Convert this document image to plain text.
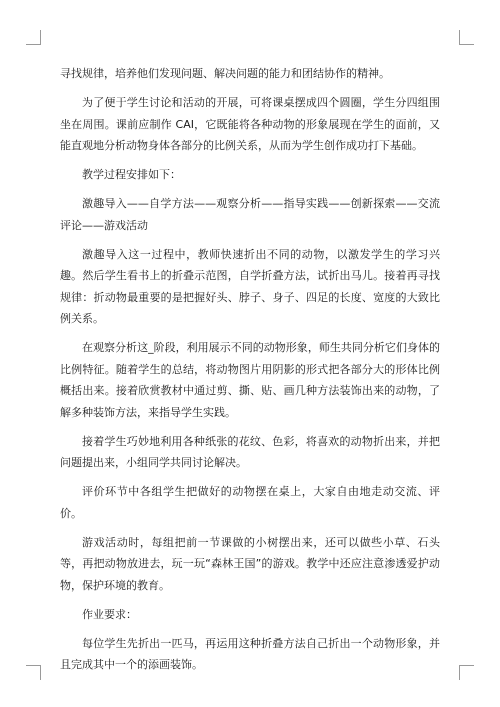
寻找规律，培养他们发现问题、解决问题的能力和团结协作的精神。

为了便于学生讨论和活动的开展，可将课桌摆成四个圆圈，学生分四组围坐在周围。课前应制作 CAI，它既能将各种动物的形象展现在学生的面前，又能直观地分析动物身体各部分的比例关系，从而为学生创作成功打下基础。

教学过程安排如下：

激趣导入——自学方法——观察分析——指导实践——创新探索——交流评论——游戏活动

激趣导入这一过程中，教师快速折出不同的动物，以激发学生的学习兴趣。然后学生看书上的折叠示范图，自学折叠方法，试折出马儿。接着再寻找规律：折动物最重要的是把握好头、脖子、身子、四足的长度、宽度的大致比例关系。

在观察分析这_阶段，利用展示不同的动物形象，师生共同分析它们身体的比例特征。随着学生的总结，将动物图片用阴影的形式把各部分大的形体比例概括出来。接着欣赏教材中通过剪、撕、贴、画几种方法装饰出来的动物，了解多种装饰方法，来指导学生实践。

接着学生巧妙地利用各种纸张的花纹、色彩，将喜欢的动物折出来，并把问题提出来，小组同学共同讨论解决。

评价环节中各组学生把做好的动物摆在桌上，大家自由地走动交流、评价。

游戏活动时，每组把前一节课做的小树摆出来，还可以做些小草、石头等，再把动物放进去，玩一玩“森林王国”的游戏。教学中还应注意渗透爱护动物，保护环境的教育。

作业要求：

每位学生先折出一匹马，再运用这种折叠方法自己折出一个动物形象，并且完成其中一个的添画装饰。
